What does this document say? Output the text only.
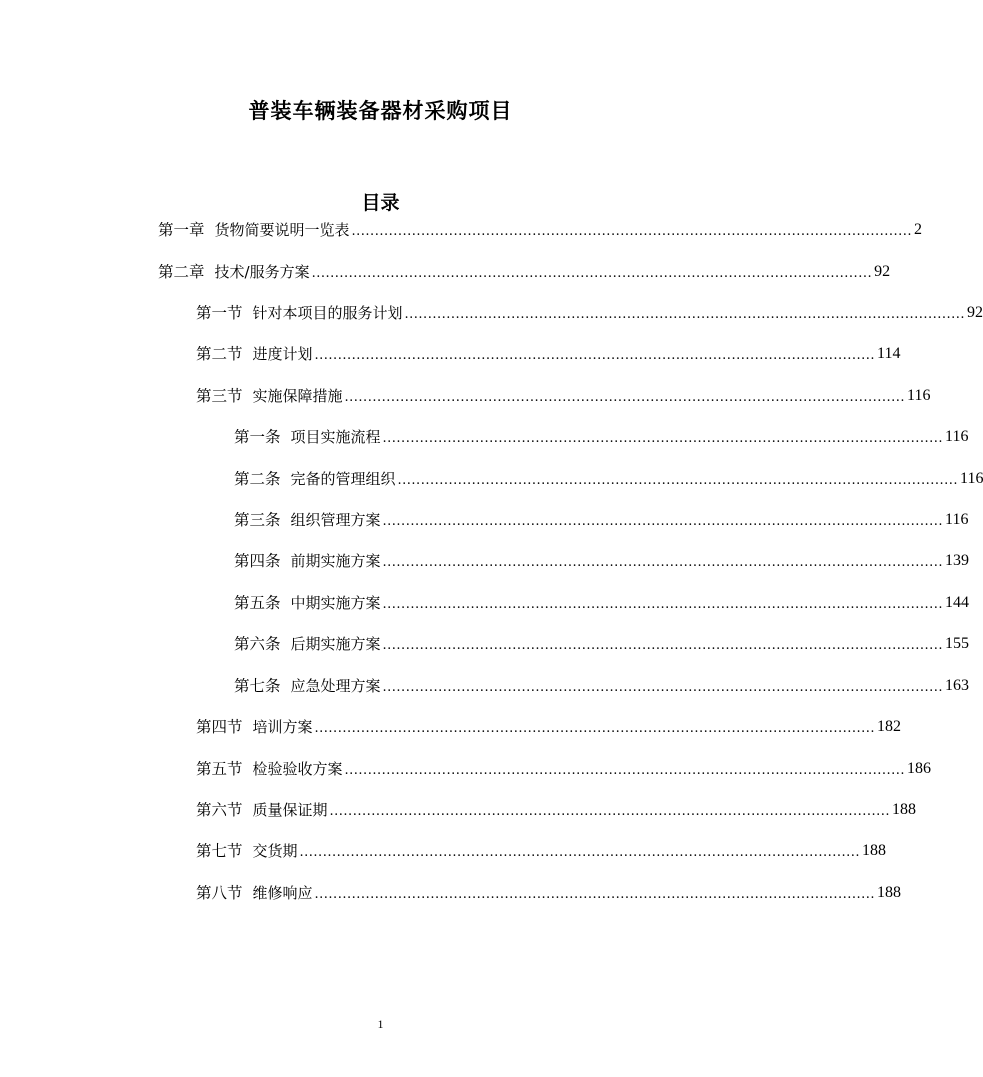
普装车辆装备器材采购项目
目录
第一章 货物简要说明一览表 ......................................................................................................................... 2
第二章 技术/服务方案 ......................................................................................................................... 92
第一节 针对本项目的服务计划 ......................................................................................................................... 92
第二节 进度计划 ......................................................................................................................... 114
第三节 实施保障措施 ......................................................................................................................... 116
第一条 项目实施流程 ......................................................................................................................... 116
第二条 完备的管理组织 ......................................................................................................................... 116
第三条 组织管理方案 ......................................................................................................................... 116
第四条 前期实施方案 ......................................................................................................................... 139
第五条 中期实施方案 ......................................................................................................................... 144
第六条 后期实施方案 ......................................................................................................................... 155
第七条 应急处理方案 ......................................................................................................................... 163
第四节 培训方案 ......................................................................................................................... 182
第五节 检验验收方案 ......................................................................................................................... 186
第六节 质量保证期 ......................................................................................................................... 188
第七节 交货期 ......................................................................................................................... 188
第八节 维修响应 ......................................................................................................................... 188
1
